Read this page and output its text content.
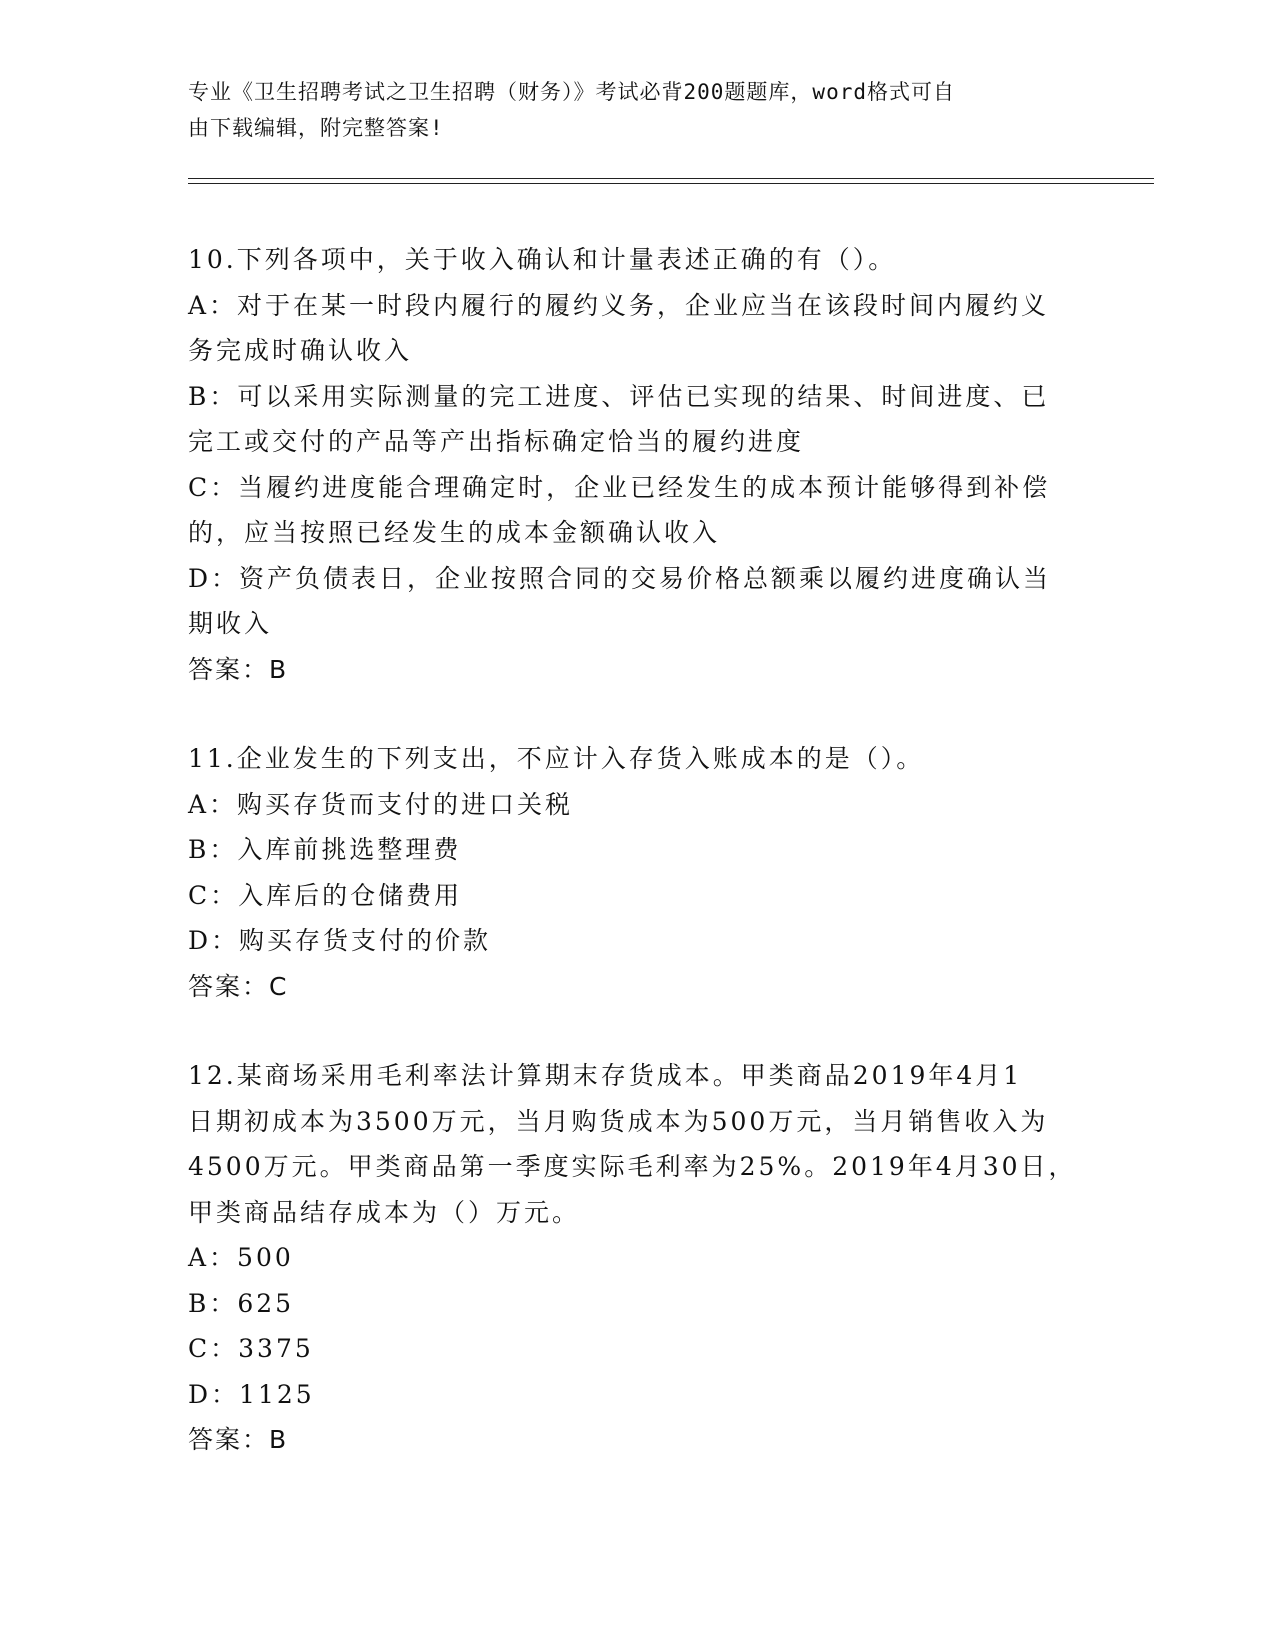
专业《卫生招聘考试之卫生招聘（财务）》考试必背200题题库，word格式可自
由下载编辑，附完整答案!
10.下列各项中，关于收入确认和计量表述正确的有（）。
A：对于在某一时段内履行的履约义务，企业应当在该段时间内履约义
务完成时确认收入
B：可以采用实际测量的完工进度、评估已实现的结果、时间进度、已
完工或交付的产品等产出指标确定恰当的履约进度
C：当履约进度能合理确定时，企业已经发生的成本预计能够得到补偿
的，应当按照已经发生的成本金额确认收入
D：资产负债表日，企业按照合同的交易价格总额乘以履约进度确认当
期收入
答案：B
11.企业发生的下列支出，不应计入存货入账成本的是（）。
A：购买存货而支付的进口关税
B：入库前挑选整理费
C：入库后的仓储费用
D：购买存货支付的价款
答案：C
12.某商场采用毛利率法计算期末存货成本。甲类商品2019年4月1
日期初成本为3500万元，当月购货成本为500万元，当月销售收入为
4500万元。甲类商品第一季度实际毛利率为25%。2019年4月30日，
甲类商品结存成本为（）万元。
A：500
B：625
C：3375
D：1125
答案：B
